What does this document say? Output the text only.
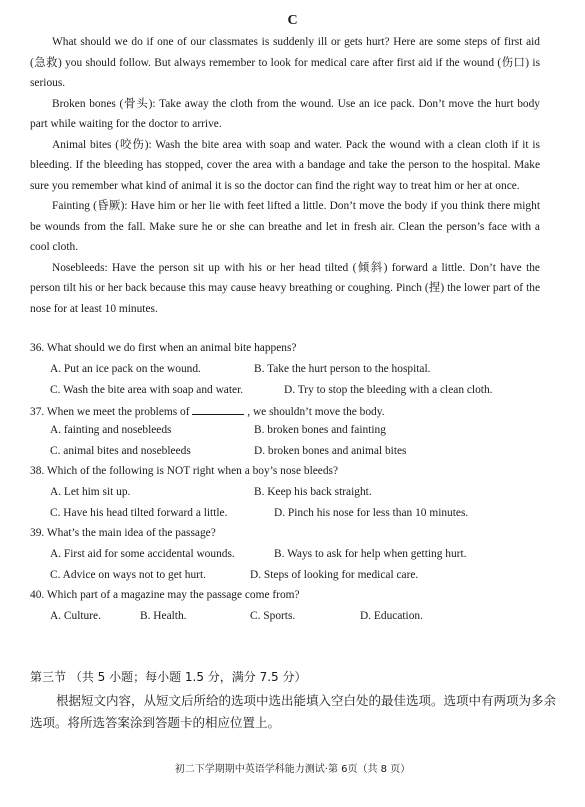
C

What should we do if one of our classmates is suddenly ill or gets hurt? Here are some steps of first aid (急救) you should follow. But always remember to look for medical care after first aid if the wound (伤口) is serious.

Broken bones (骨头): Take away the cloth from the wound. Use an ice pack. Don’t move the hurt body part while waiting for the doctor to arrive.

Animal bites (咬伤): Wash the bite area with soap and water. Pack the wound with a clean cloth if it is bleeding. If the bleeding has stopped, cover the area with a bandage and take the person to the hospital. Make sure you remember what kind of animal it is so the doctor can find the right way to treat him or her at once.

Fainting (昏厥): Have him or her lie with feet lifted a little. Don’t move the body if you think there might be wounds from the fall. Make sure he or she can breathe and let in fresh air. Clean the person’s face with a cool cloth.

Nosebleeds: Have the person sit up with his or her head tilted (倾斜) forward a little. Don’t have the person tilt his or her back because this may cause heavy breathing or coughing. Pinch (捏) the lower part of the nose for at least 10 minutes.

36. What should we do first when an animal bite happens?
A. Put an ice pack on the wound.	B. Take the hurt person to the hospital.
C. Wash the bite area with soap and water.	D. Try to stop the bleeding with a clean cloth.
37. When we meet the problems of	, we shouldn’t move the body.
A. fainting and nosebleeds	B. broken bones and fainting
C. animal bites and nosebleeds	D. broken bones and animal bites
38. Which of the following is NOT right when a boy’s nose bleeds?
A. Let him sit up.	B. Keep his back straight.
C. Have his head tilted forward a little.	D. Pinch his nose for less than 10 minutes.
39. What’s the main idea of the passage?
A. First aid for some accidental wounds.	B. Ways to ask for help when getting hurt.
C. Advice on ways not to get hurt.	D. Steps of looking for medical care.
40. Which part of a magazine may the passage come from?
A. Culture.	B. Health.	C. Sports.	D. Education.
第三节 （共 5 小题；每小题 1.5 分，满分 7.5 分）

根据短文内容，从短文后所给的选项中选出能填入空白处的最佳选项。选项中有两项为多余选项。将所选答案涂到答题卡的相应位置上。

初二下学期期中英语学科能力测试·第 6页（共 8 页）
